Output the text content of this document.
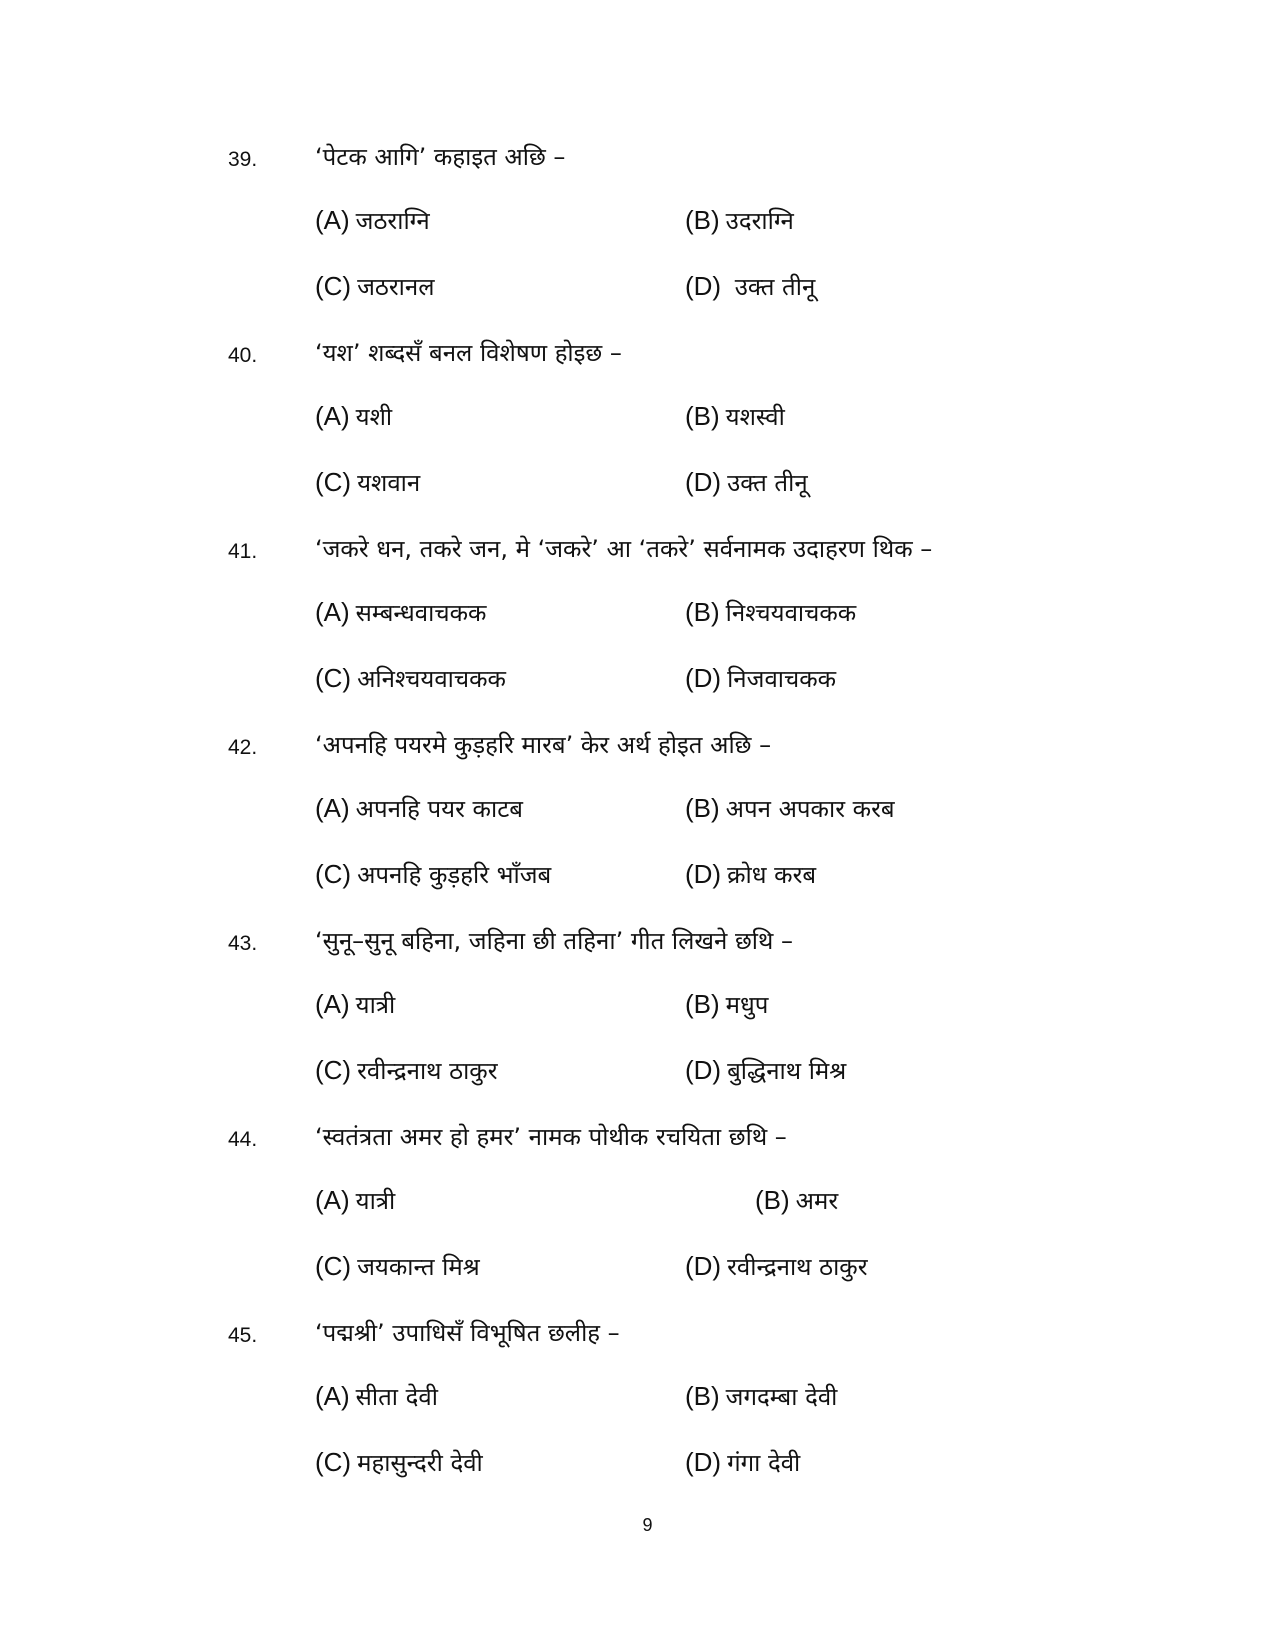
39. ‘पेटक आगि’ कहाइत अछि –
(A) जठराग्नि	(B) उदराग्नि
(C) जठरानल	(D) उक्त तीनू
40. ‘यश’ शब्दसँ बनल विशेषण होइछ –
(A) यशी	(B) यशस्वी
(C) यशवान	(D) उक्त तीनू
41. ‘जकरे धन, तकरे जन, मे ‘जकरे’ आ ‘तकरे’ सर्वनामक उदाहरण थिक –
(A) सम्बन्धवाचकक	(B) निश्चयवाचकक
(C) अनिश्चयवाचकक	(D) निजवाचकक
42. ‘अपनहि पयरमे कुड़हरि मारब’ केर अर्थ होइत अछि –
(A) अपनहि पयर काटब	(B) अपन अपकार करब
(C) अपनहि कुड़हरि भाँजब	(D) क्रोध करब
43. ‘सुनू–सुनू बहिना, जहिना छी तहिना’ गीत लिखने छथि –
(A) यात्री	(B) मधुप
(C) रवीन्द्रनाथ ठाकुर	(D) बुद्धिनाथ मिश्र
44. ‘स्वतंत्रता अमर हो हमर’ नामक पोथीक रचयिता छथि –
(A) यात्री	(B) अमर
(C) जयकान्त मिश्र	(D) रवीन्द्रनाथ ठाकुर
45. ‘पद्मश्री’ उपाधिसँ विभूषित छलीह –
(A) सीता देवी	(B) जगदम्बा देवी
(C) महासुन्दरी देवी	(D) गंगा देवी
9
